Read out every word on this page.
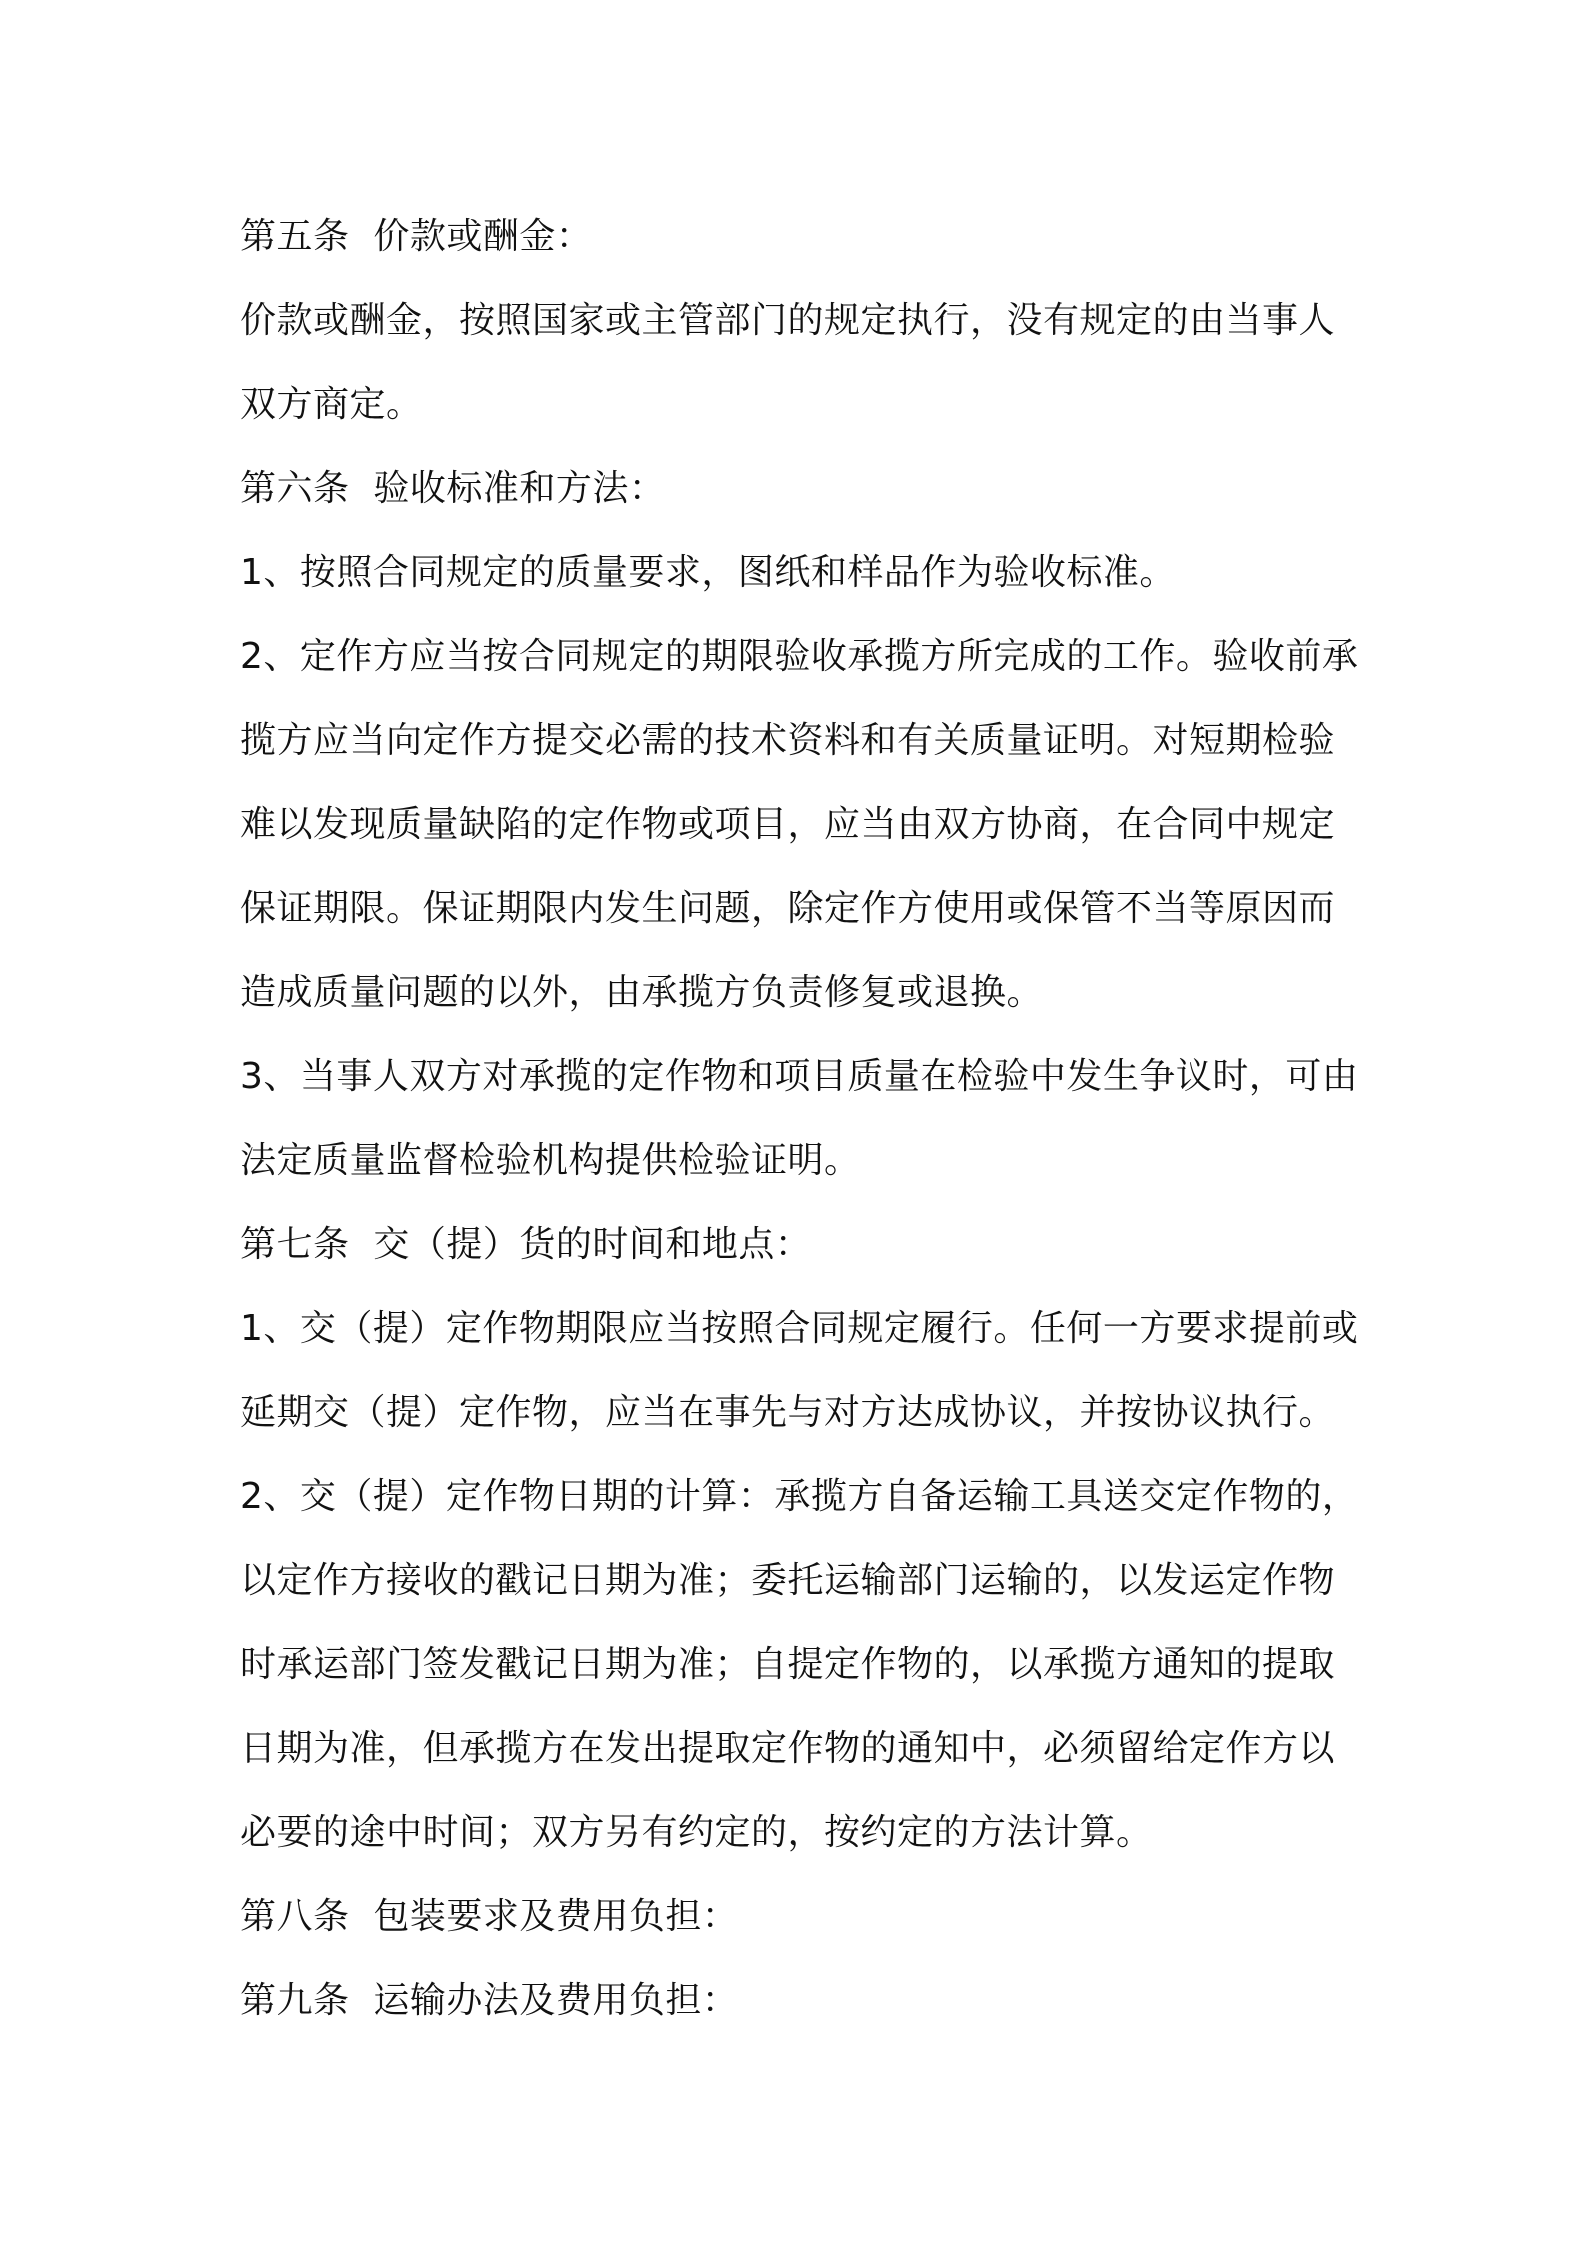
第五条  价款或酬金：

价款或酬金，按照国家或主管部门的规定执行，没有规定的由当事人双方商定。

第六条  验收标准和方法：

1、按照合同规定的质量要求，图纸和样品作为验收标准。

2、定作方应当按合同规定的期限验收承揽方所完成的工作。验收前承揽方应当向定作方提交必需的技术资料和有关质量证明。对短期检验难以发现质量缺陷的定作物或项目，应当由双方协商，在合同中规定保证期限。保证期限内发生问题，除定作方使用或保管不当等原因而造成质量问题的以外，由承揽方负责修复或退换。

3、当事人双方对承揽的定作物和项目质量在检验中发生争议时，可由法定质量监督检验机构提供检验证明。

第七条  交（提）货的时间和地点：

1、交（提）定作物期限应当按照合同规定履行。任何一方要求提前或延期交（提）定作物，应当在事先与对方达成协议，并按协议执行。

2、交（提）定作物日期的计算：承揽方自备运输工具送交定作物的，以定作方接收的戳记日期为准；委托运输部门运输的，以发运定作物时承运部门签发戳记日期为准；自提定作物的，以承揽方通知的提取日期为准，但承揽方在发出提取定作物的通知中，必须留给定作方以必要的途中时间；双方另有约定的，按约定的方法计算。

第八条  包装要求及费用负担：

第九条  运输办法及费用负担：
